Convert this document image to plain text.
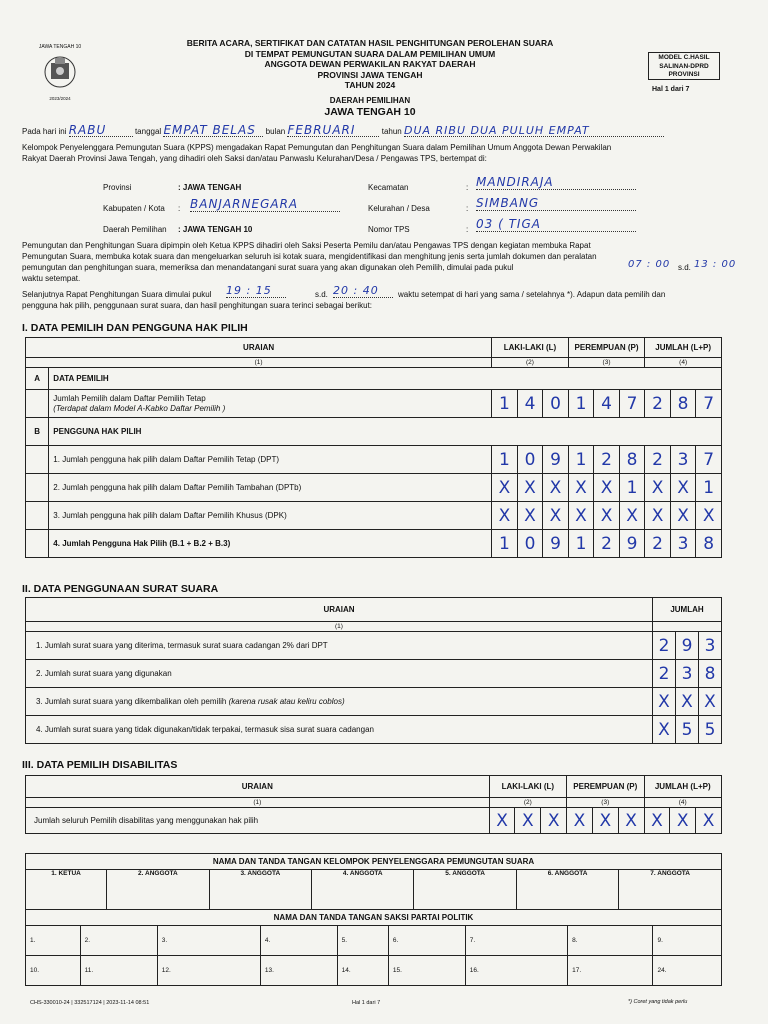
JAWA TENGAH 10
2023/2024
BERITA ACARA, SERTIFIKAT DAN CATATAN HASIL PENGHITUNGAN PEROLEHAN SUARA
DI TEMPAT PEMUNGUTAN SUARA DALAM PEMILIHAN UMUM
ANGGOTA DEWAN PERWAKILAN RAKYAT DAERAH
PROVINSI JAWA TENGAH
TAHUN 2024
DAERAH PEMILIHAN
JAWA TENGAH 10
MODEL C.HASIL
SALINAN-DPRD
PROVINSI
Hal 1 dari 7
Pada hari ini RABU	tanggal EMPAT BELAS bulan FEBRUARI	tahun DUA RIBU DUA PULUH EMPAT
Kelompok Penyelenggara Pemungutan Suara (KPPS) mengadakan Rapat Pemungutan dan Penghitungan Suara dalam Pemilihan Umum Anggota Dewan Perwakilan
Rakyat Daerah Provinsi Jawa Tengah, yang dihadiri oleh Saksi dan/atau Panwaslu Kelurahan/Desa / Pengawas TPS, bertempat di:
Provinsi	: JAWA TENGAH
Kabupaten / Kota : BANJARNEGARA
Daerah Pemilihan : JAWA TENGAH 10
Kecamatan	: MANDIRAJA
Kelurahan / Desa	: SIMBANG
Nomor TPS	: 03 ( TIGA
Pemungutan dan Penghitungan Suara dipimpin oleh Ketua KPPS dihadiri oleh Saksi Peserta Pemilu dan/atau Pengawas TPS dengan kegiatan membuka Rapat
Pemungutan Suara, membuka kotak suara dan mengeluarkan seluruh isi kotak suara, mengidentifikasi dan menghitung jenis serta jumlah dokumen dan peralatan
pemungutan dan penghitungan suara, memeriksa dan menandatangani surat suara yang akan digunakan oleh Pemilih, dimulai pada pukul	07 : 00 s.d. 13 : 00
waktu setempat.
Selanjutnya Rapat Penghitungan Suara dimulai pukul 19 : 15	s.d. 20 : 40	waktu setempat di hari yang sama / setelahnya *). Adapun data pemilih dan
pengguna hak pilih, penggunaan surat suara, dan hasil penghitungan suara terinci sebagai berikut:
I. DATA PEMILIH DAN PENGGUNA HAK PILIH
URAIAN		LAKI-LAKI (L)			PEREMPUAN (P)			JUMLAH (L+P)		
(1)		(2)			(3)			(4)		
A	DATA PEMILIH									

	Jumlah Pemilih dalam Daftar Pemilih Tetap
(Terdapat dalam Model A-Kabko Daftar Pemilih )	1	4	0	1	4	7	2	8	7
B	PENGGUNA HAK PILIH									
	1. Jumlah pengguna hak pilih dalam Daftar Pemilih Tetap (DPT)	1	0	9	1	2	8	2	3	7
	2. Jumlah pengguna hak pilih dalam Daftar Pemilih Tambahan (DPTb)	X	X	X	X	X	1	X	X	1
	3. Jumlah pengguna hak pilih dalam Daftar Pemilih Khusus (DPK)	X	X	X	X	X	X	X	X	X
	4. Jumlah Pengguna Hak Pilih (B.1 + B.2 + B.3)	1	0	9	1	2	9	2	3	8
II. DATA PENGGUNAAN SURAT SUARA
URAIAN	JUMLAH		
(1)			
1. Jumlah surat suara yang diterima, termasuk surat suara cadangan 2% dari DPT	2	9	3
2. Jumlah surat suara yang digunakan	2	3	8
3. Jumlah surat suara yang dikembalikan oleh pemilih (karena rusak atau keliru coblos)	X	X	X
4. Jumlah surat suara yang tidak digunakan/tidak terpakai, termasuk sisa surat suara cadangan	X	5	5
III. DATA PEMILIH DISABILITAS
URAIAN	LAKI-LAKI (L)			PEREMPUAN (P)			JUMLAH (L+P)		
(1)	(2)			(3)			(4)		
Jumlah seluruh Pemilih disabilitas yang menggunakan hak pilih	X	X	X	X	X	X	X	X	X
NAMA DAN TANDA TANGAN KELOMPOK PENYELENGGARA PEMUNGUTAN SUARA														
1. KETUA		2. ANGGOTA		3. ANGGOTA		4. ANGGOTA			5. ANGGOTA		6. ANGGOTA		7. ANGGOTA	
NAMA DAN TANDA TANGAN SAKSI PARTAI POLITIK														
1.	2.		3.		4.		5.	6.		7.		8.		9.
10.	11.		12.		13.		14.	15.		16.		17.		24.
CHS-330010-24 | 332517124 | 2023-11-14 08:51	Hal 1 dari 7	*) Coret yang tidak perlu
